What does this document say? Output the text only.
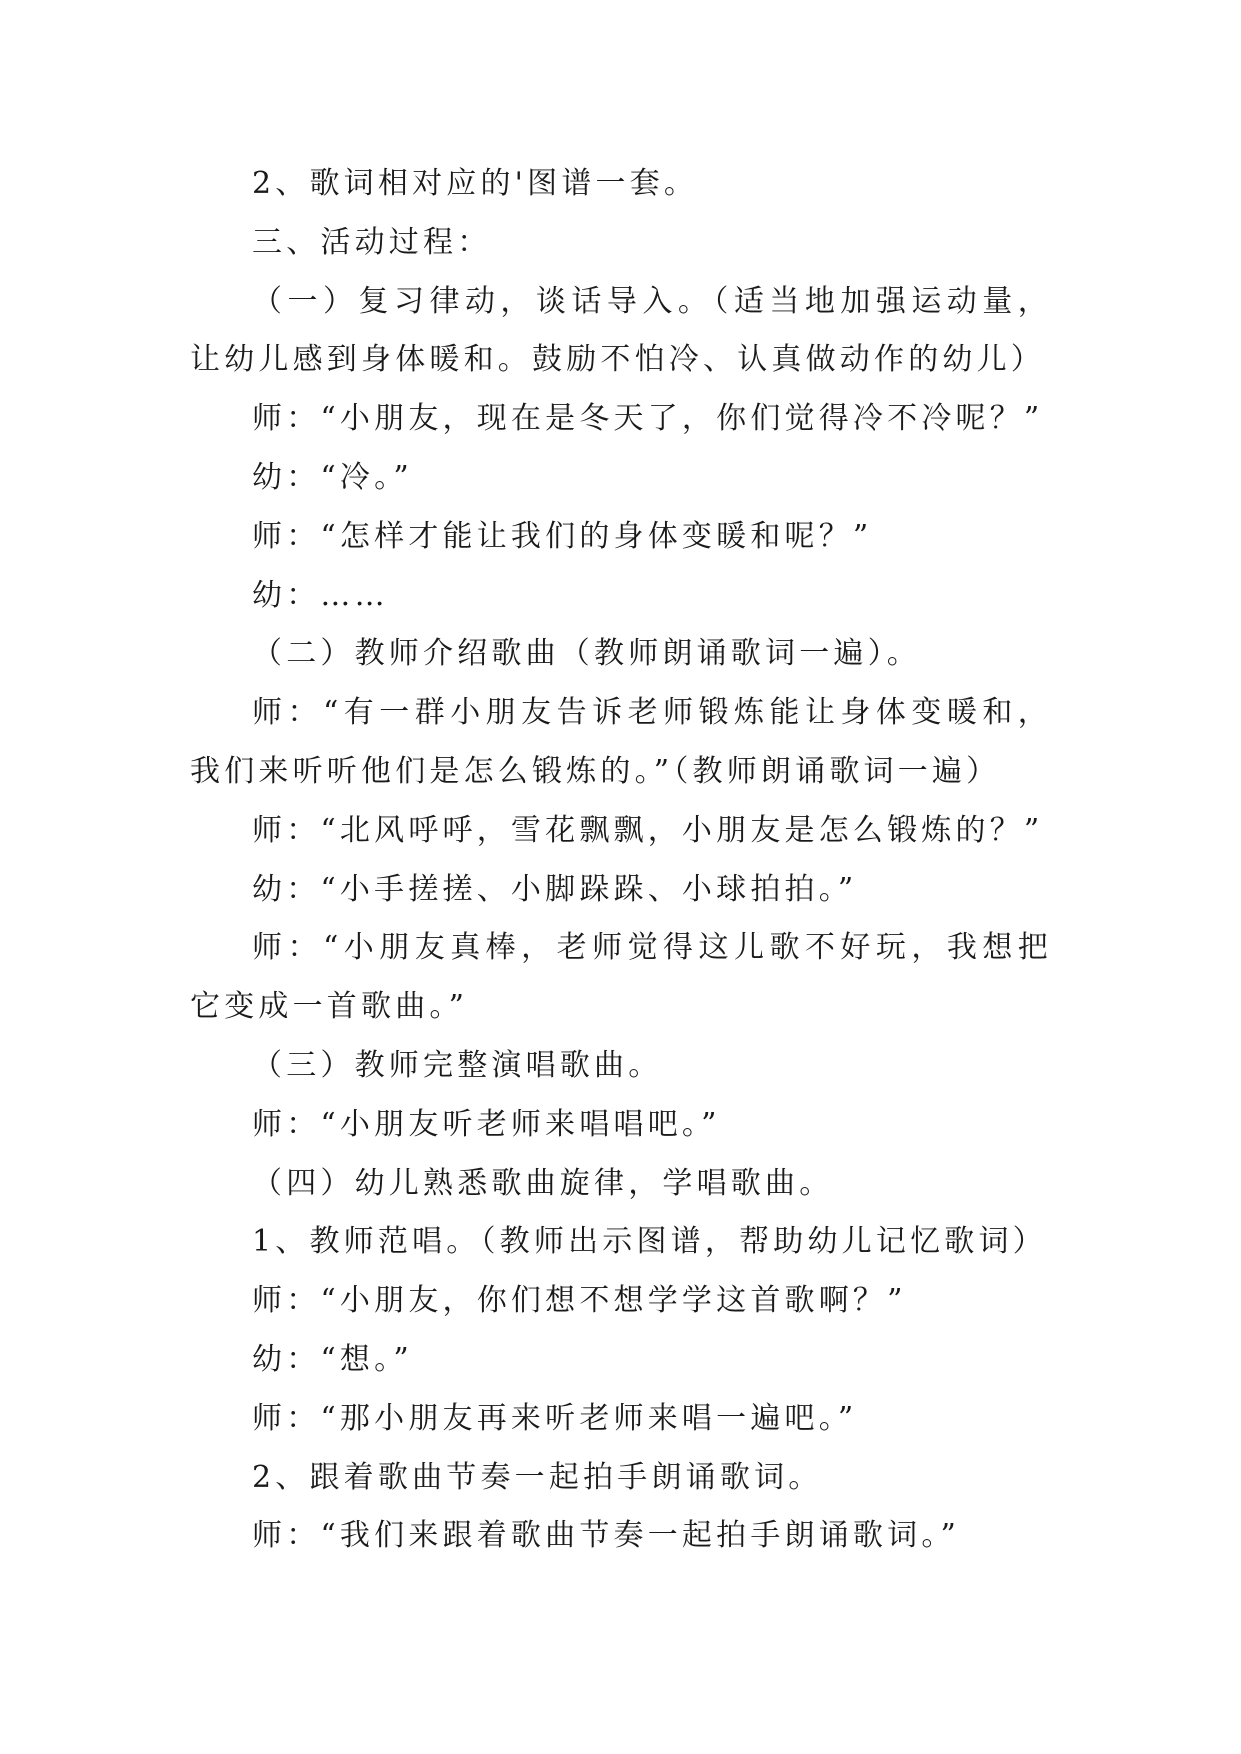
2、歌词相对应的'图谱一套。

三、活动过程：

（一）复习律动，谈话导入。（适当地加强运动量，让幼儿感到身体暖和。鼓励不怕冷、认真做动作的幼儿）

师：“小朋友，现在是冬天了，你们觉得冷不冷呢？”

幼：“冷。”

师：“怎样才能让我们的身体变暖和呢？”

幼：……

（二）教师介绍歌曲（教师朗诵歌词一遍）。

师：“有一群小朋友告诉老师锻炼能让身体变暖和，我们来听听他们是怎么锻炼的。”（教师朗诵歌词一遍）

师：“北风呼呼，雪花飘飘，小朋友是怎么锻炼的？”

幼：“小手搓搓、小脚跺跺、小球拍拍。”

师：“小朋友真棒，老师觉得这儿歌不好玩，我想把它变成一首歌曲。”

（三）教师完整演唱歌曲。

师：“小朋友听老师来唱唱吧。”

（四）幼儿熟悉歌曲旋律，学唱歌曲。

1、教师范唱。（教师出示图谱，帮助幼儿记忆歌词）

师：“小朋友，你们想不想学学这首歌啊？”

幼：“想。”

师：“那小朋友再来听老师来唱一遍吧。”

2、跟着歌曲节奏一起拍手朗诵歌词。

师：“我们来跟着歌曲节奏一起拍手朗诵歌词。”
